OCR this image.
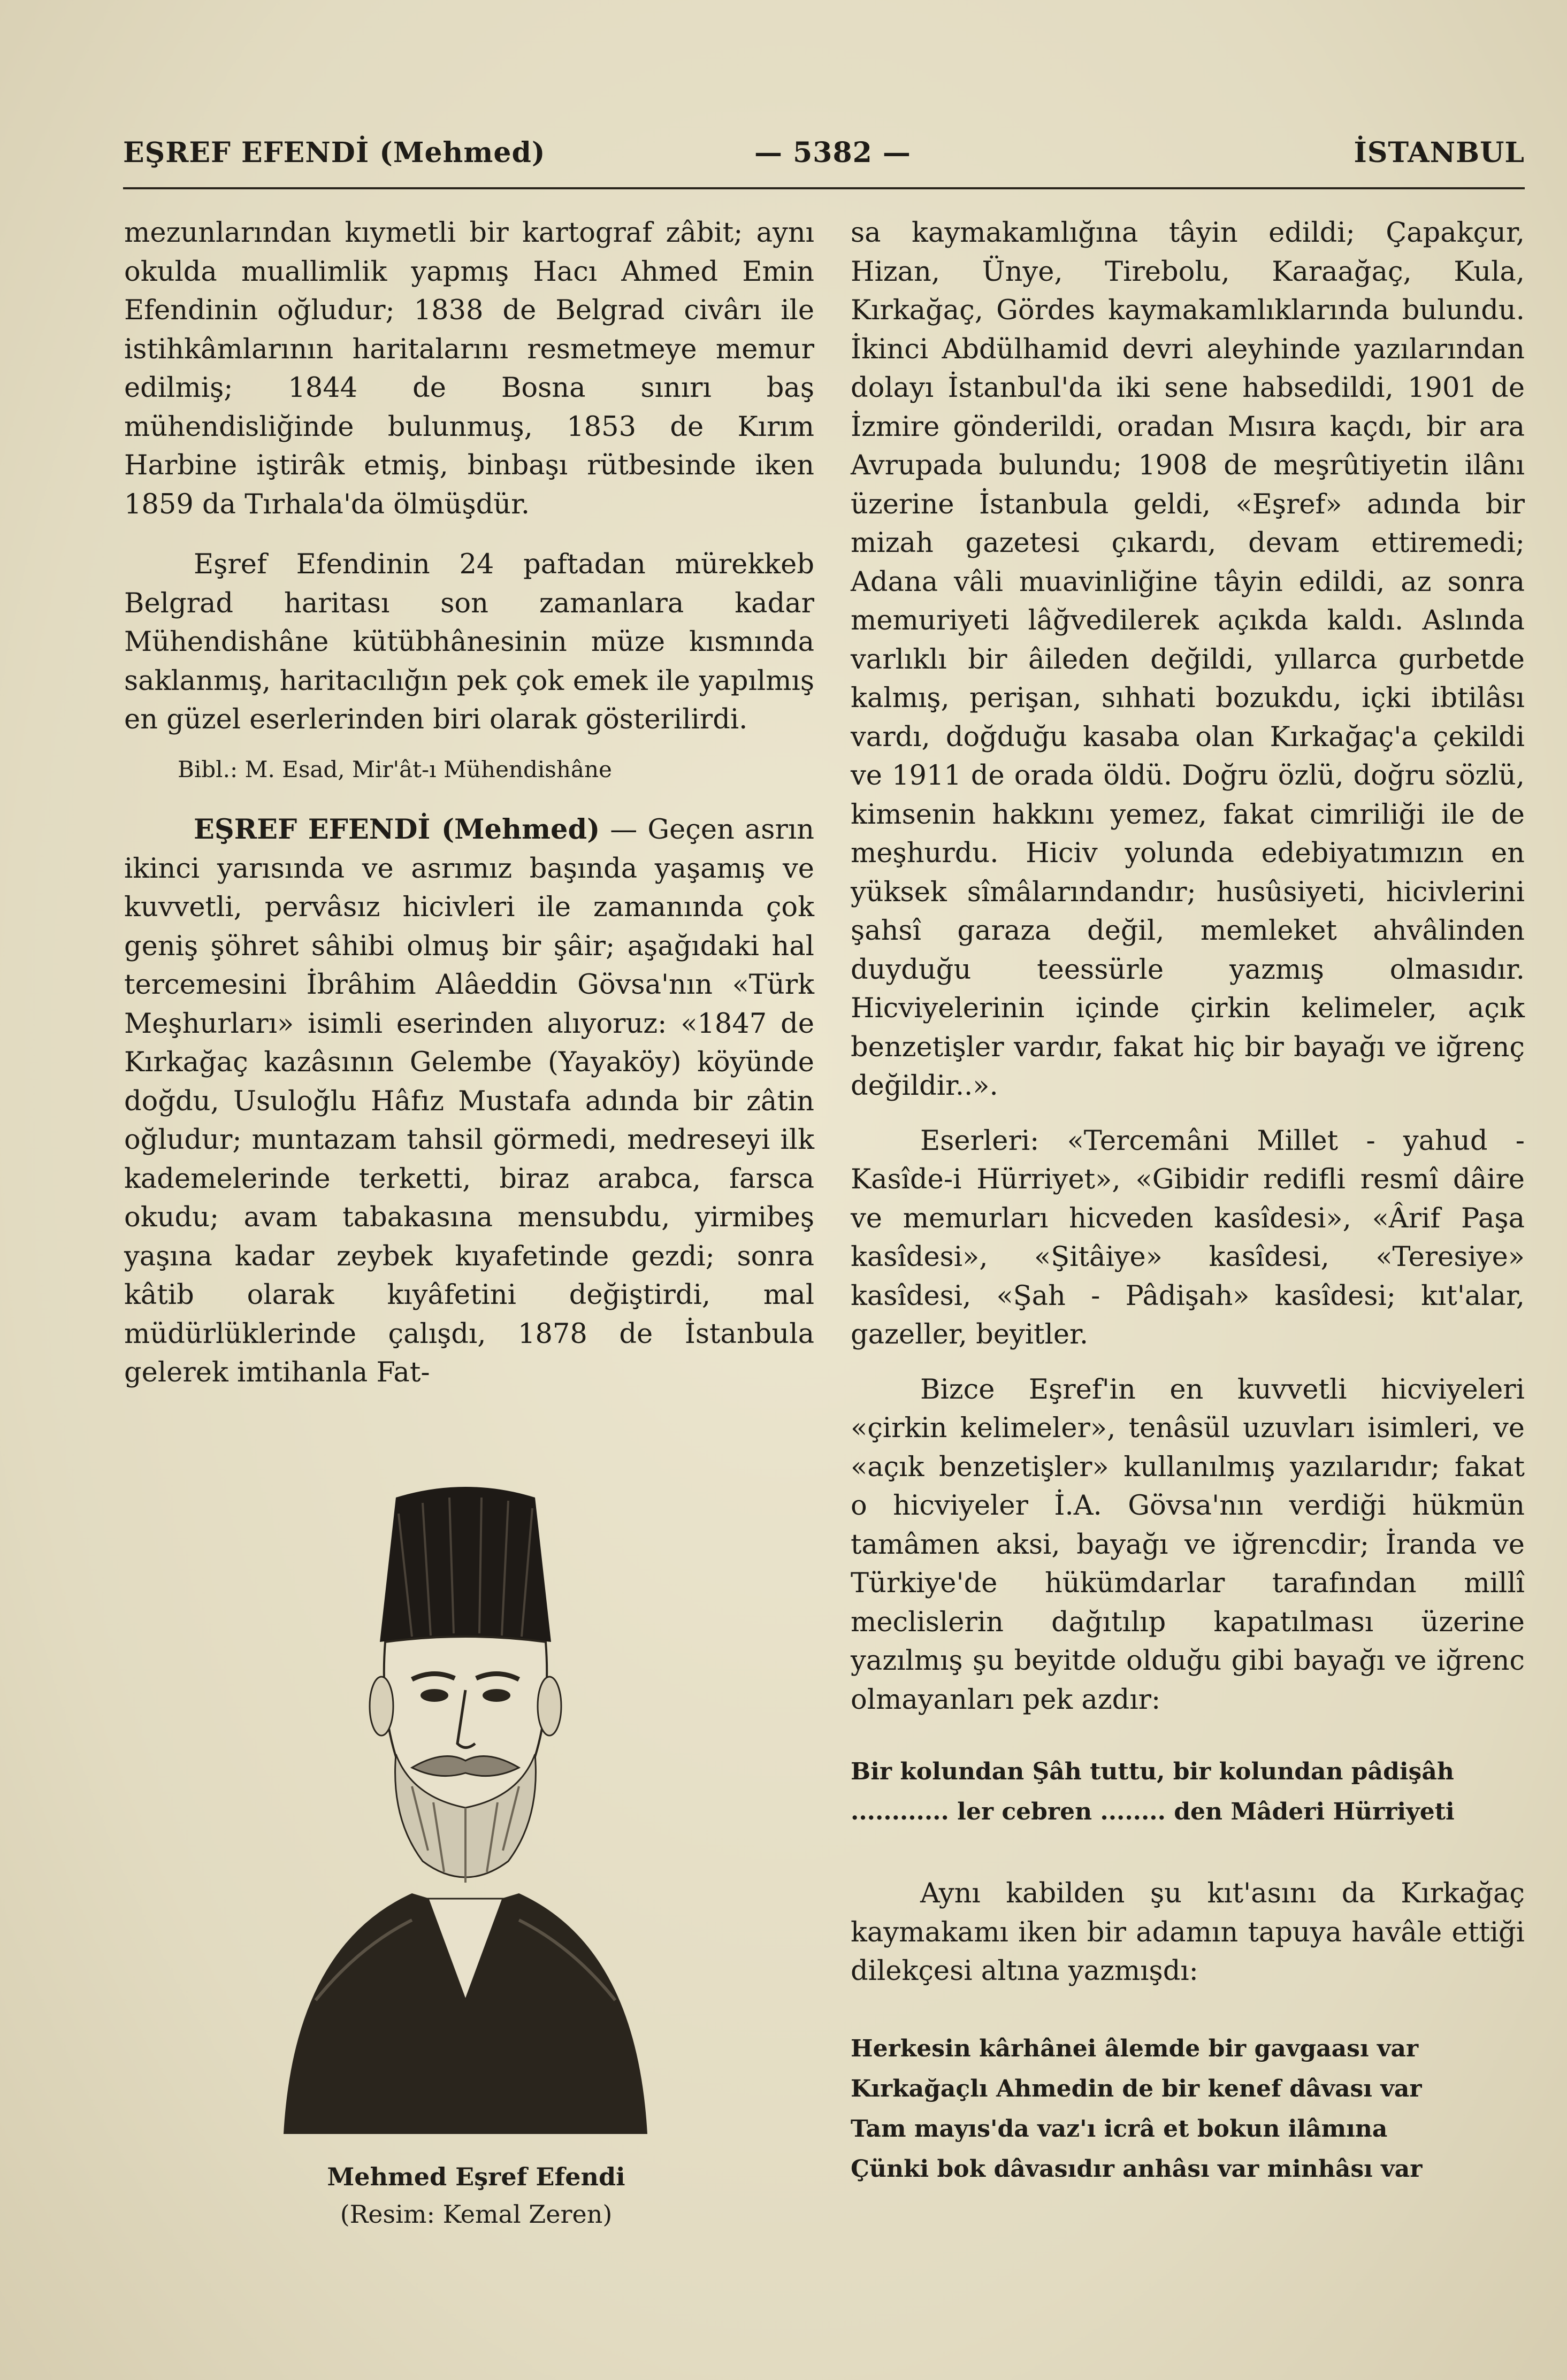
EŞREF EFENDİ (Mehmed)	— 5382 —	İSTANBUL

mezunlarından kıymetli bir kartograf zâbit; aynı okulda muallimlik yapmış Hacı Ahmed Emin Efendinin oğludur; 1838 de Belgrad civârı ile istihkâmlarının haritalarını resmetmeye memur edilmiş; 1844 de Bosna sınırı baş mühendisliğinde bulunmuş, 1853 de Kırım Harbine iştirâk etmiş, binbaşı rütbesinde iken 1859 da Tırhala'da ölmüşdür.

Eşref Efendinin 24 paftadan mürekkeb Belgrad haritası son zamanlara kadar Mühendishâne kütübhânesinin müze kısmında saklanmış, haritacılığın pek çok emek ile yapılmış en güzel eserlerinden biri olarak gösterilirdi.

Bibl.: M. Esad, Mir'ât-ı Mühendishâne

EŞREF EFENDİ (Mehmed) — Geçen asrın ikinci yarısında ve asrımız başında yaşamış ve kuvvetli, pervâsız hicivleri ile zamanında çok geniş şöhret sâhibi olmuş bir şâir; aşağıdaki hal tercemesini İbrâhim Alâeddin Gövsa'nın «Türk Meşhurları» isimli eserinden alıyoruz: «1847 de Kırkağaç kazâsının Gelembe (Yayaköy) köyünde doğdu, Usuloğlu Hâfız Mustafa adında bir zâtin oğludur; muntazam tahsil görmedi, medreseyi ilk kademelerinde terketti, biraz arabca, farsca okudu; avam tabakasına mensubdu, yirmibeş yaşına kadar zeybek kıyafetinde gezdi; sonra kâtib olarak kıyâfetini değiştirdi, mal müdürlüklerinde çalışdı, 1878 de İstanbula gelerek imtihanla Fat-

Mehmed Eşref Efendi
(Resim: Kemal Zeren)

sa kaymakamlığına tâyin edildi; Çapakçur, Hizan, Ünye, Tirebolu, Karaağaç, Kula, Kırkağaç, Gördes kaymakamlıklarında bulundu. İkinci Abdülhamid devri aleyhinde yazılarından dolayı İstanbul'da iki sene habsedildi, 1901 de İzmire gönderildi, oradan Mısıra kaçdı, bir ara Avrupada bulundu; 1908 de meşrûtiyetin ilânı üzerine İstanbula geldi, «Eşref» adında bir mizah gazetesi çıkardı, devam ettiremedi; Adana vâli muavinliğine tâyin edildi, az sonra memuriyeti lâğvedilerek açıkda kaldı. Aslında varlıklı bir âileden değildi, yıllarca gurbetde kalmış, perişan, sıhhati bozukdu, içki ibtilâsı vardı, doğduğu kasaba olan Kırkağaç'a çekildi ve 1911 de orada öldü. Doğru özlü, doğru sözlü, kimsenin hakkını yemez, fakat cimriliği ile de meşhurdu. Hiciv yolunda edebiyatımızın en yüksek sîmâlarındandır; husûsiyeti, hicivlerini şahsî garaza değil, memleket ahvâlinden duyduğu teessürle yazmış olmasıdır. Hicviyelerinin içinde çirkin kelimeler, açık benzetişler vardır, fakat hiç bir bayağı ve iğrenç değildir..».

Eserleri: «Tercemâni Millet - yahud - Kasîde-i Hürriyet», «Gibidir redifli resmî dâire ve memurları hicveden kasîdesi», «Ârif Paşa kasîdesi», «Şitâiye» kasîdesi, «Teresiye» kasîdesi, «Şah - Pâdişah» kasîdesi; kıt'alar, gazeller, beyitler.

Bizce Eşref'in en kuvvetli hicviyeleri «çirkin kelimeler», tenâsül uzuvları isimleri, ve «açık benzetişler» kullanılmış yazılarıdır; fakat o hicviyeler İ.A. Gövsa'nın verdiği hükmün tamâmen aksi, bayağı ve iğrencdir; İranda ve Türkiye'de hükümdarlar tarafından millî meclislerin dağıtılıp kapatılması üzerine yazılmış şu beyitde olduğu gibi bayağı ve iğrenc olmayanları pek azdır:

Bir kolundan Şâh tuttu, bir kolundan pâdişâh
............ ler cebren ........ den Mâderi Hürriyeti

Aynı kabilden şu kıt'asını da Kırkağaç kaymakamı iken bir adamın tapuya havâle ettiği dilekçesi altına yazmışdı:

Herkesin kârhânei âlemde bir gavgaası var
Kırkağaçlı Ahmedin de bir kenef dâvası var
Tam mayıs'da vaz'ı icrâ et bokun ilâmına
Çünki bok dâvasıdır anhâsı var minhâsı var
